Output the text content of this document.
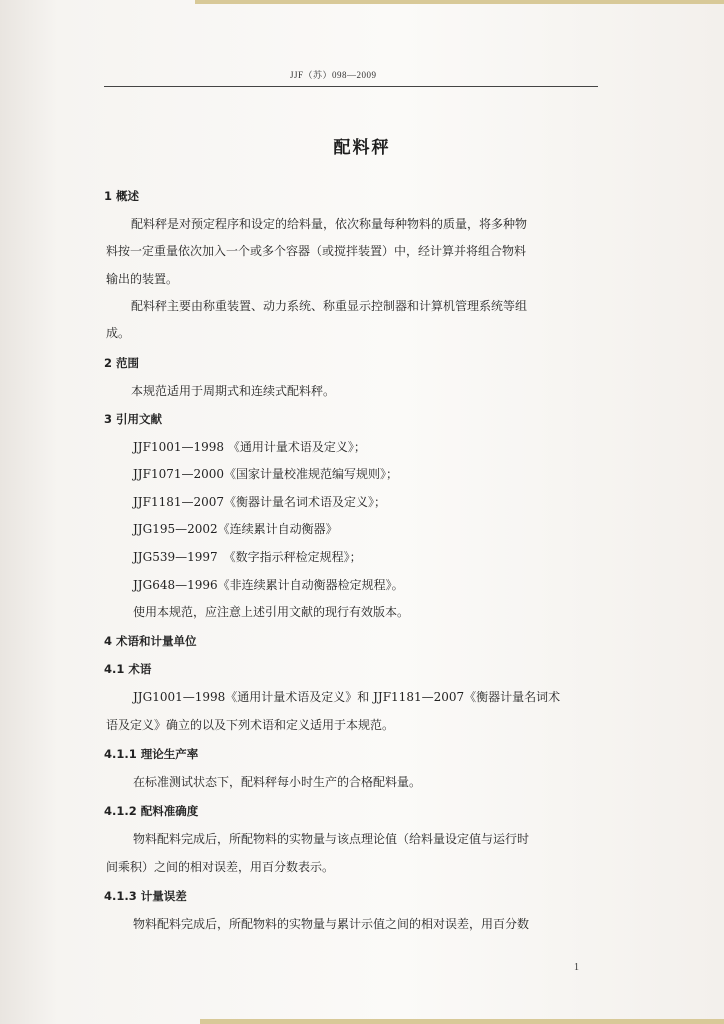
JJF（苏）098—2009
配料秤
1 概述
配料秤是对预定程序和设定的给料量，依次称量每种物料的质量，将多种物
料按一定重量依次加入一个或多个容器（或搅拌装置）中，经计算并将组合物料
输出的装置。
配料秤主要由称重装置、动力系统、称重显示控制器和计算机管理系统等组
成。
2 范围
本规范适用于周期式和连续式配料秤。
3 引用文献
JJF1001—1998 《通用计量术语及定义》；
JJF1071—2000《国家计量校准规范编写规则》；
JJF1181—2007《衡器计量名词术语及定义》；
JJG195—2002《连续累计自动衡器》
JJG539—1997　《数字指示秤检定规程》；
JJG648—1996《非连续累计自动衡器检定规程》。
使用本规范，应注意上述引用文献的现行有效版本。
4 术语和计量单位
4.1 术语
JJG1001—1998《通用计量术语及定义》和 JJF1181—2007《衡器计量名词术
语及定义》确立的以及下列术语和定义适用于本规范。
4.1.1 理论生产率
在标准测试状态下，配料秤每小时生产的合格配料量。
4.1.2 配料准确度
物料配料完成后，所配物料的实物量与该点理论值（给料量设定值与运行时
间乘积）之间的相对误差，用百分数表示。
4.1.3 计量误差
物料配料完成后，所配物料的实物量与累计示值之间的相对误差，用百分数
1
